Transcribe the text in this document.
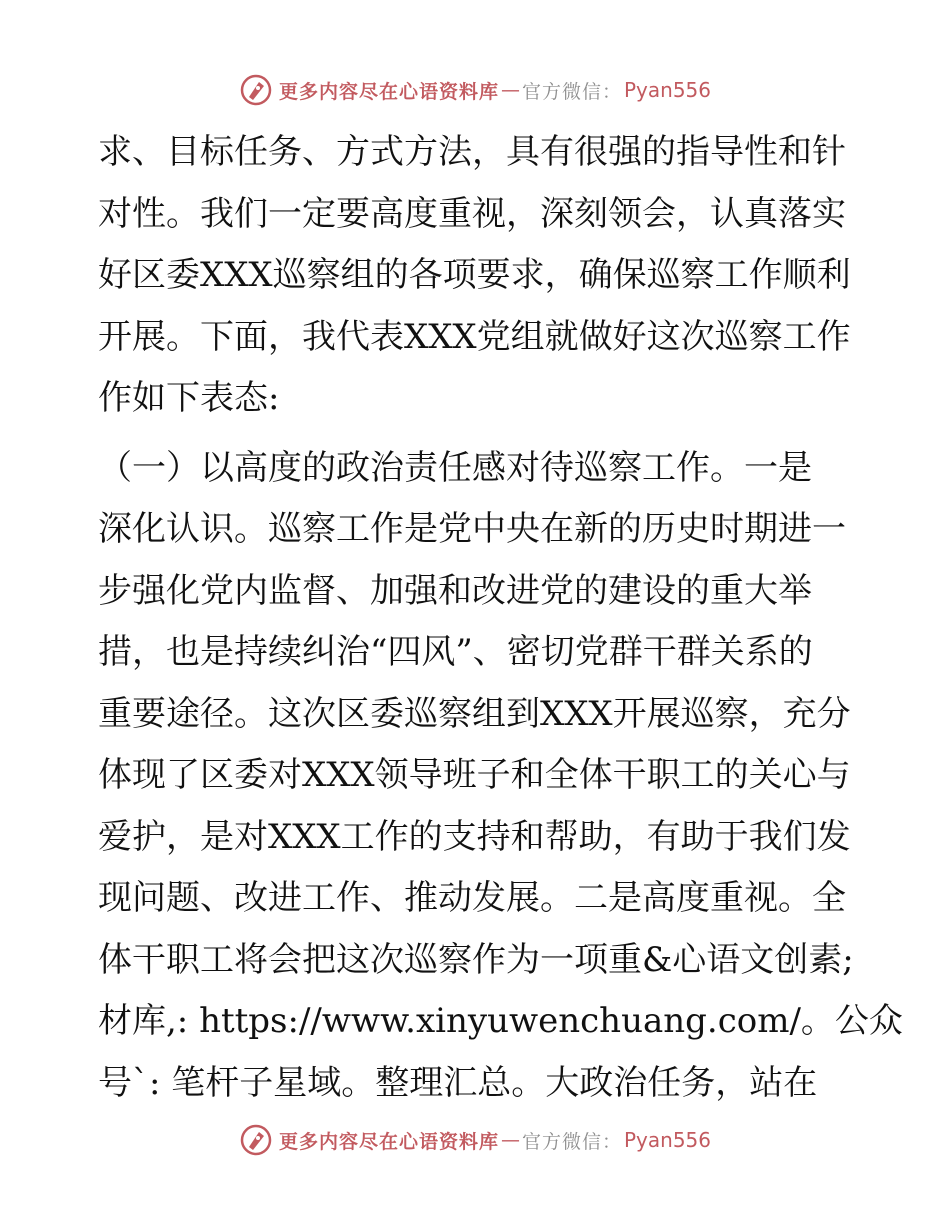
更多内容尽在心语资料库 — 官方微信： Pyan556
求、目标任务、方式方法，具有很强的指导性和针
对性。我们一定要高度重视，深刻领会，认真落实
好区委XXX巡察组的各项要求，确保巡察工作顺利
开展。下面，我代表XXX党组就做好这次巡察工作
作如下表态:
（一）以高度的政治责任感对待巡察工作。一是
深化认识。巡察工作是党中央在新的历史时期进一
步强化党内监督、加强和改进党的建设的重大举
措，也是持续纠治“四风”、密切党群干群关系的
重要途径。这次区委巡察组到XXX开展巡察，充分
体现了区委对XXX领导班子和全体干职工的关心与
爱护，是对XXX工作的支持和帮助，有助于我们发
现问题、改进工作、推动发展。二是高度重视。全
体干职工将会把这次巡察作为一项重&心语文创素;
材库,: https://www.xinyuwenchuang.com/。公众
号`: 笔杆子星域。整理汇总。大政治任务，站在
更多内容尽在心语资料库 — 官方微信： Pyan556
